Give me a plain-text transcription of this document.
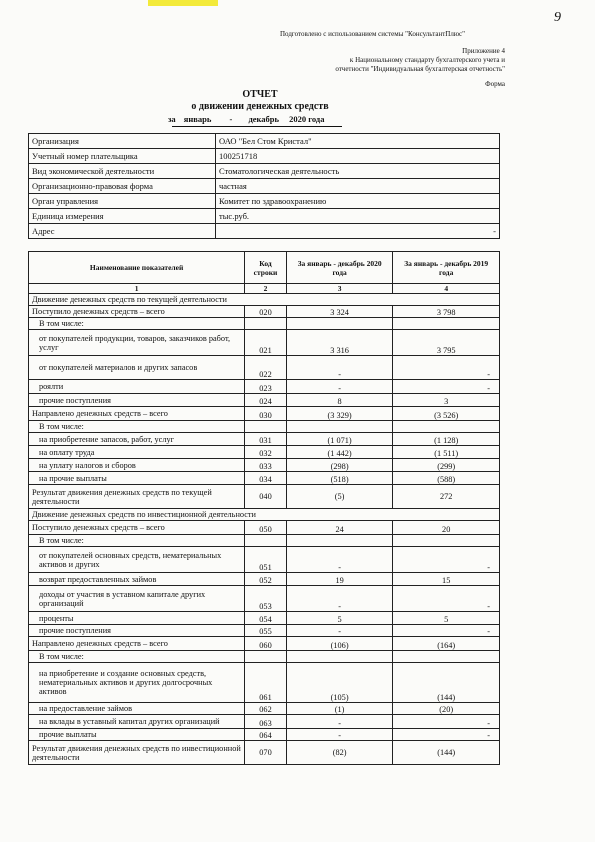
9
Подготовлено с использованием системы "КонсультантПлюс"
Приложение 4
к Национальному стандарту бухгалтерского учета и
отчетности "Индивидуальная бухгалтерская отчетность"
Форма
ОТЧЕТ
о движении денежных средств
за январь - декабрь 2020 года
Организация	ОАО "Бел Стом Кристал"
Учетный номер плательщика	100251718
Вид экономической деятельности	Стоматологическая деятельность
Организационно-правовая форма	частная
Орган управления	Комитет по здравоохранению
Единица измерения	тыс.руб.
Адрес	-
Наименование показателей	Код строки	За январь - декабрь 2020 года	За январь - декабрь 2019 года
1	2	3	4
Движение денежных средств по текущей деятельности			
Поступило денежных средств – всего	020	3 324	3 798
В том числе:			
от покупателей продукции, товаров, заказчиков работ, услуг	021	3 316	3 795
от покупателей материалов и других запасов	022	-	-

роялти	023	-	-

прочие поступления	024	8	3
Направлено денежных средств – всего	030	(3 329)	(3 526)
В том числе:			
на приобретение запасов, работ, услуг	031	(1 071)	(1 128)
на оплату труда	032	(1 442)	(1 511)
на уплату налогов и сборов	033	(298)	(299)
на прочие выплаты	034	(518)	(588)
Результат движения денежных средств по текущей деятельности	040	(5)	272
Движение денежных средств по инвестиционной деятельности			
Поступило денежных средств – всего	050	24	20
В том числе:			
от покупателей основных средств, нематериальных активов и других	051	-	-

возврат предоставленных займов	052	19	15
доходы от участия в уставном капитале других организаций	053	-	-

проценты	054	5	5
прочие поступления	055	-	-

Направлено денежных средств – всего	060	(106)	(164)
В том числе:			
на приобретение и создание основных средств, нематериальных активов и других долгосрочных активов	061	(105)	(144)
на предоставление займов	062	(1)	(20)
на вклады в уставный капитал других организаций	063	-	-

прочие выплаты	064	-	-

Результат движения денежных средств по инвестиционной деятельности	070	(82)	(144)
